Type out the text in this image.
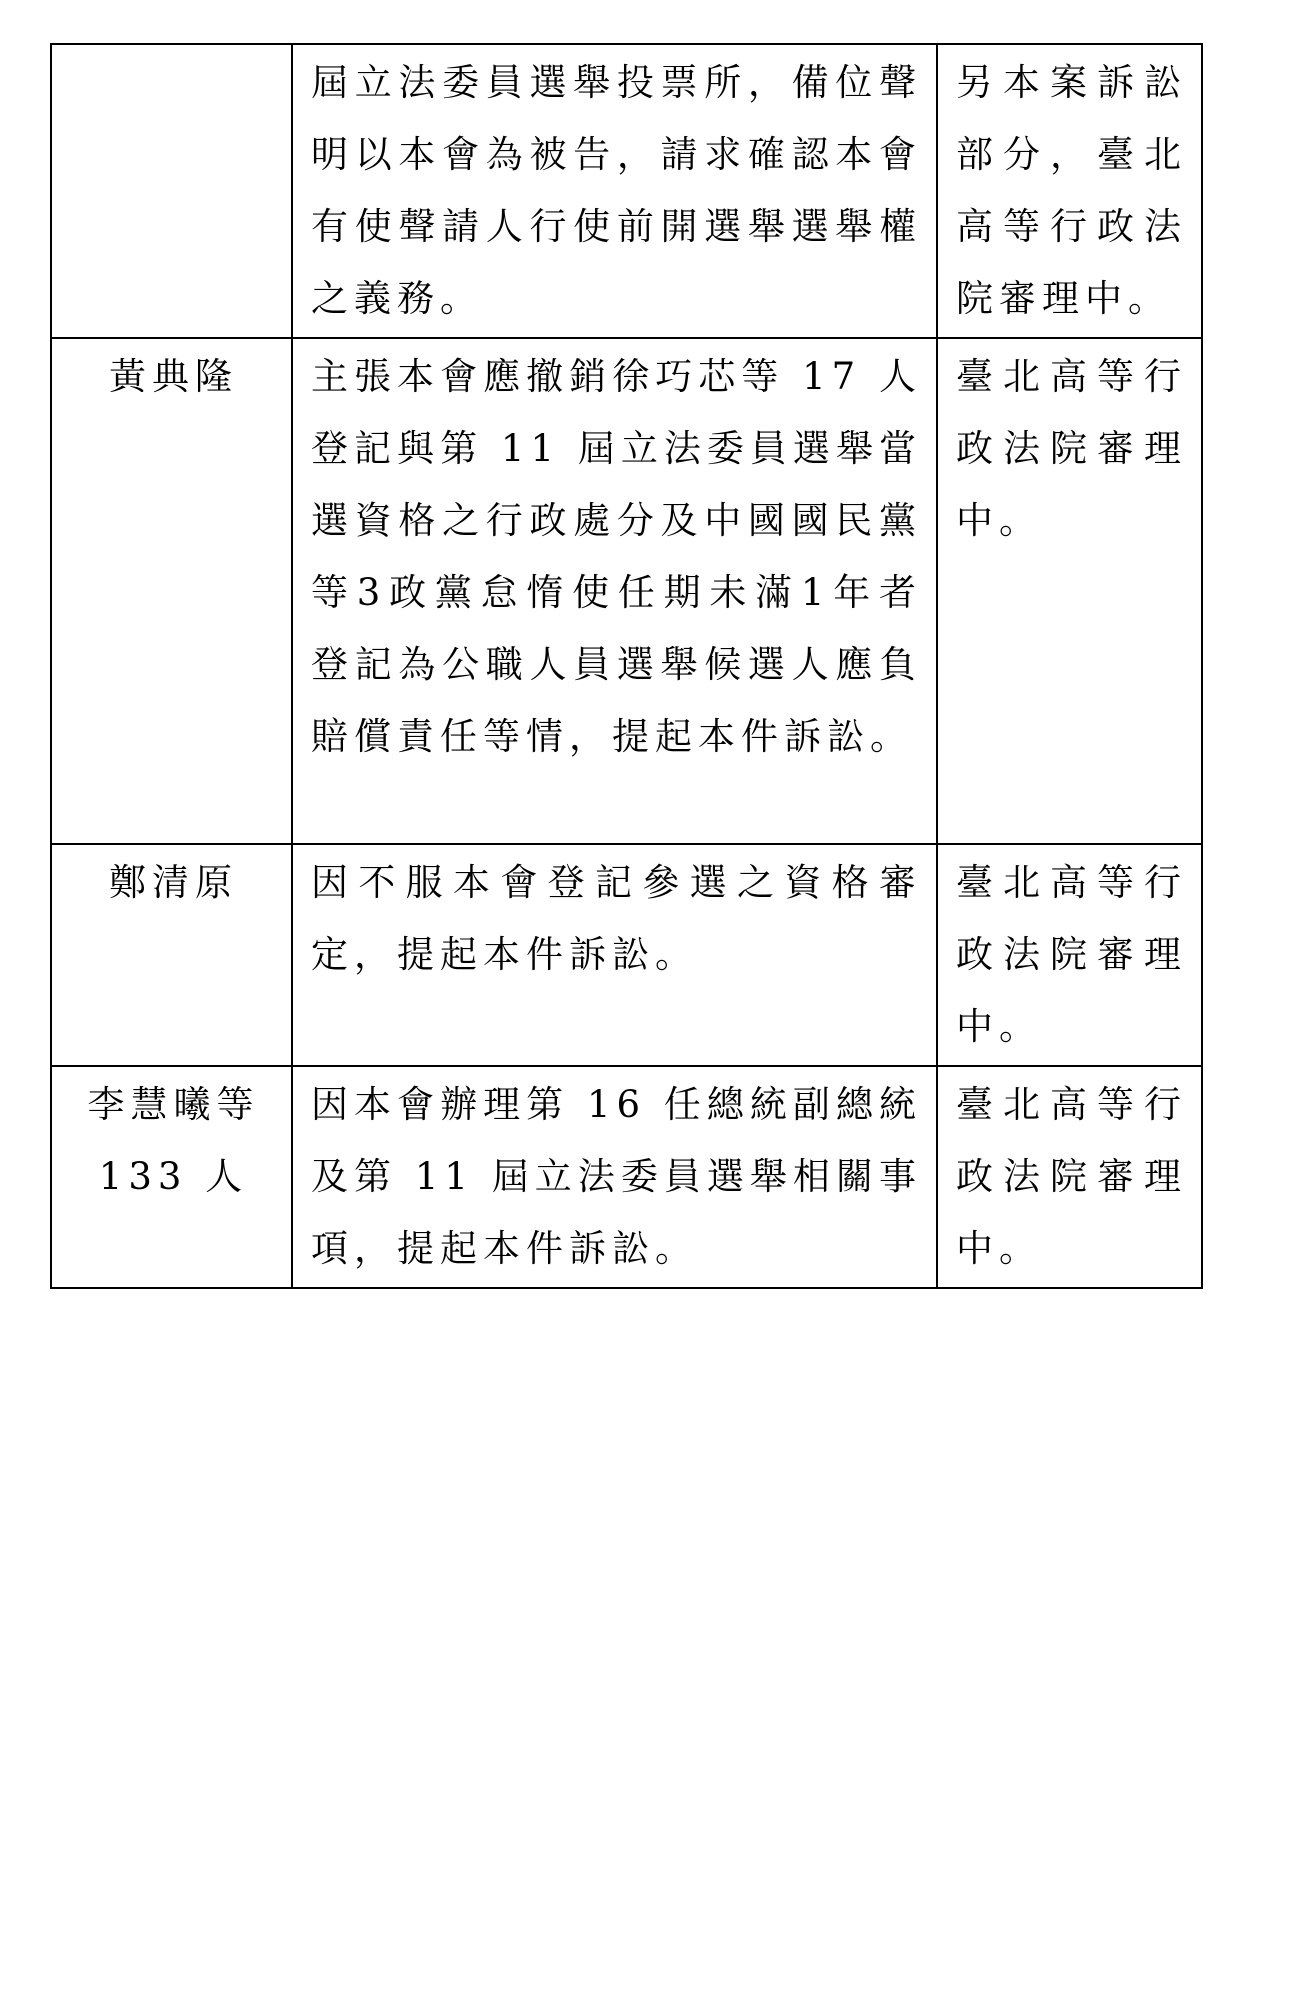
	屆立法委員選舉投票所，備位聲明以本會為被告，請求確認本會有使聲請人行使前開選舉選舉權之義務。	另本案訴訟部分，臺北高等行政法院審理中。
黃典隆	主張本會應撤銷徐巧芯等 17 人登記與第 11 屆立法委員選舉當選資格之行政處分及中國國民黨等3政黨怠惰使任期未滿1年者登記為公職人員選舉候選人應負賠償責任等情，提起本件訴訟。	臺北高等行政法院審理中。
鄭清原	因不服本會登記參選之資格審定，提起本件訴訟。	臺北高等行政法院審理中。
李慧曦等 133 人	因本會辦理第 16 任總統副總統及第 11 屆立法委員選舉相關事項，提起本件訴訟。	臺北高等行政法院審理中。
